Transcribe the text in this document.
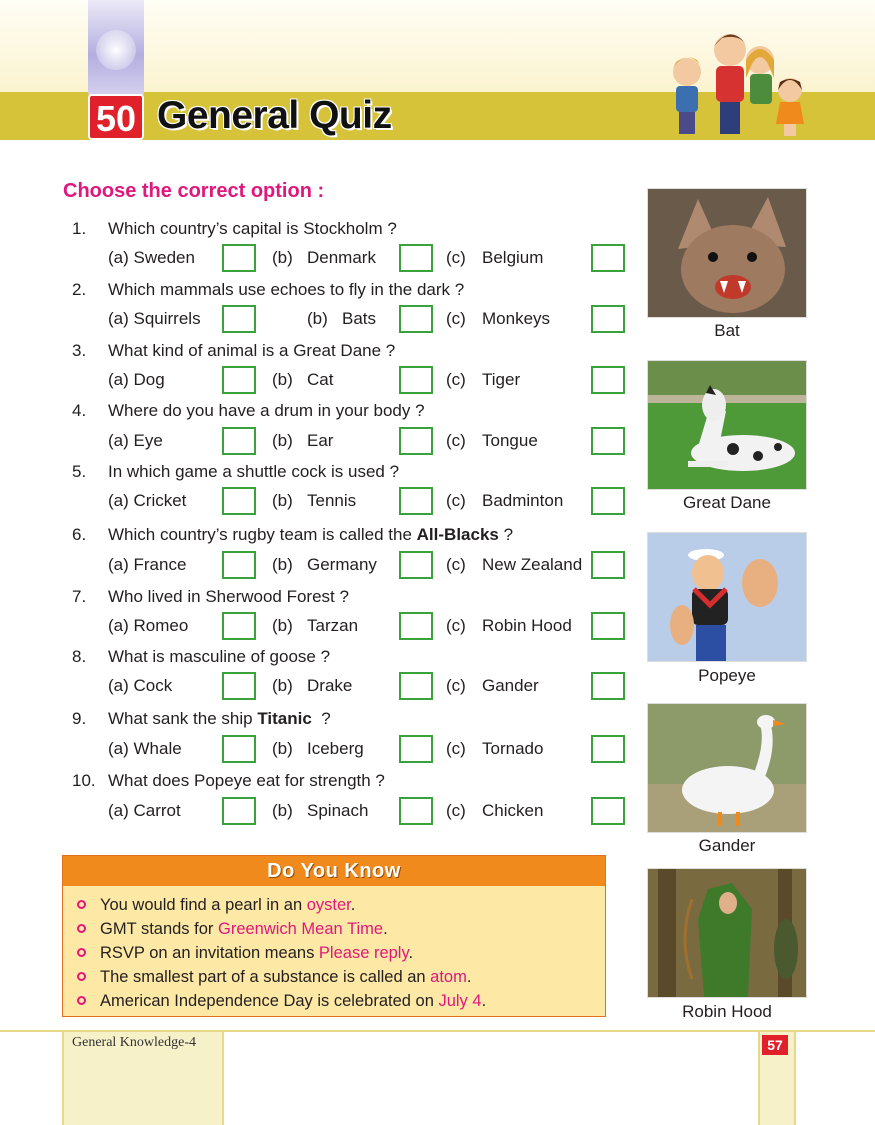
50 General Quiz
Choose the correct option :
1.	Which country’s capital is Stockholm ?
(a) Sweden	(b) Denmark	(c) Belgium
2.	Which mammals use echoes to fly in the dark ?
(a) Squirrels	(b) Bats	(c) Monkeys
3.	What kind of animal is a Great Dane ?
(a) Dog	(b) Cat	(c) Tiger
4.	Where do you have a drum in your body ?
(a) Eye	(b) Ear	(c) Tongue
5.	In which game a shuttle cock is used ?
(a) Cricket	(b) Tennis	(c) Badminton
6.	Which country’s rugby team is called the All-Blacks ?
(a) France	(b) Germany	(c) New Zealand
7.	Who lived in Sherwood Forest ?
(a) Romeo	(b) Tarzan	(c) Robin Hood
8.	What is masculine of goose ?
(a) Cock	(b) Drake	(c) Gander
9.	What sank the ship Titanic  ?
(a) Whale	(b) Iceberg	(c) Tornado
10. What does Popeye eat for strength ?
(a) Carrot	(b) Spinach	(c) Chicken
Bat
Great Dane
Popeye
Gander
Robin Hood
Do You Know
You would find a pearl in an oyster.
GMT stands for Greenwich Mean Time.
RSVP on an invitation means Please reply.
The smallest part of a substance is called an atom.
American Independence Day is celebrated on July 4.
General Knowledge-4	57
